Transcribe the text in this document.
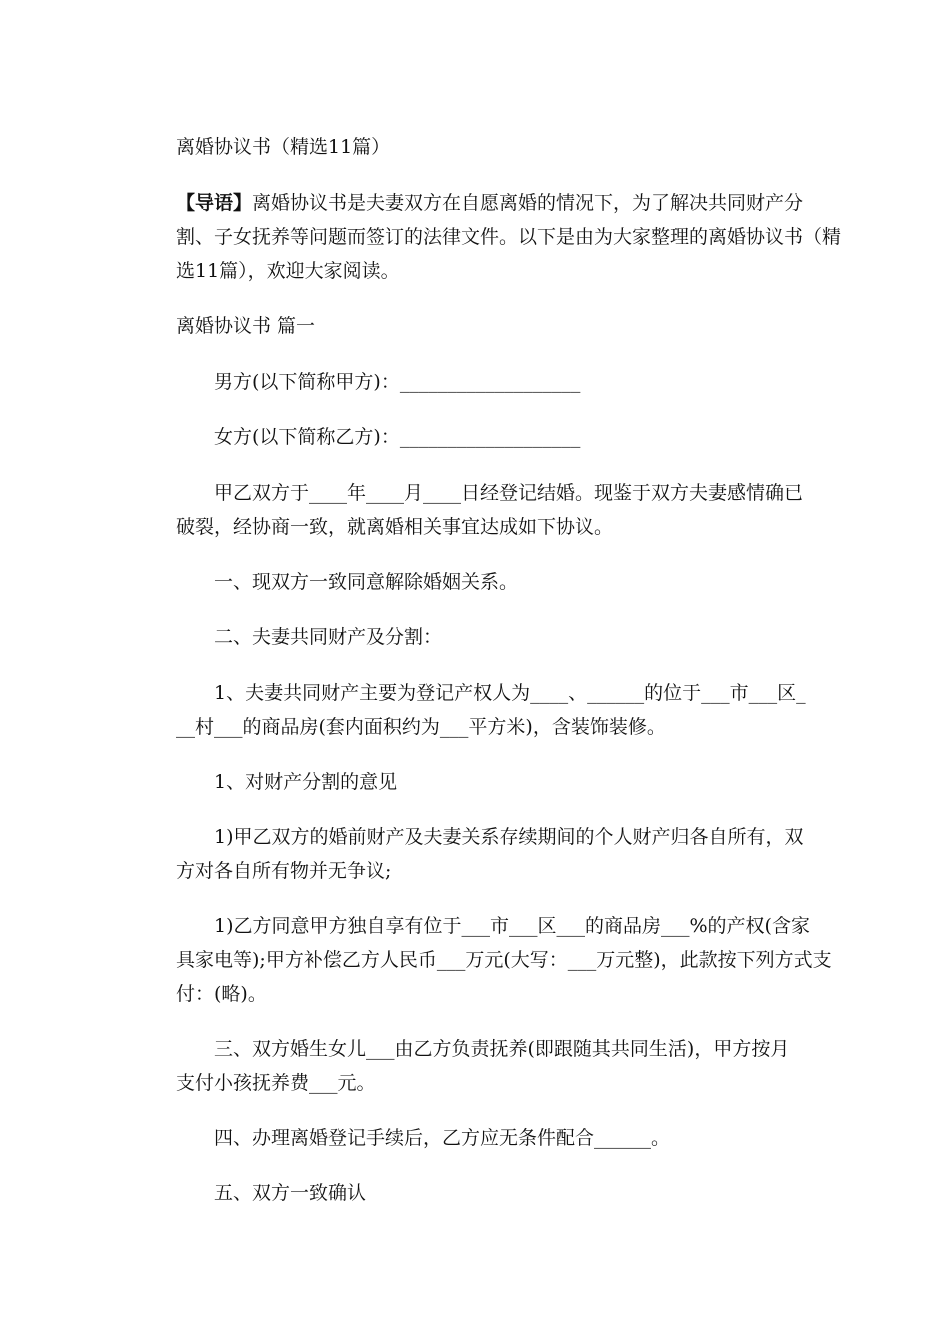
离婚协议书（精选11篇）

【导语】离婚协议书是夫妻双方在自愿离婚的情况下，为了解决共同财产分

割、子女抚养等问题而签订的法律文件。以下是由为大家整理的离婚协议书（精

选11篇），欢迎大家阅读。

离婚协议书 篇一

男方(以下简称甲方)：___________________

女方(以下简称乙方)：___________________

甲乙双方于____年____月____日经登记结婚。现鉴于双方夫妻感情确已

破裂，经协商一致，就离婚相关事宜达成如下协议。

一、现双方一致同意解除婚姻关系。

二、夫妻共同财产及分割：

1、夫妻共同财产主要为登记产权人为____、______的位于___市___区_

__村___的商品房(套内面积约为___平方米)，含装饰装修。

1、对财产分割的意见

1)甲乙双方的婚前财产及夫妻关系存续期间的个人财产归各自所有，双

方对各自所有物并无争议;

1)乙方同意甲方独自享有位于___市___区___的商品房___%的产权(含家

具家电等);甲方补偿乙方人民币___万元(大写：___万元整)，此款按下列方式支

付：(略)。

三、双方婚生女儿___由乙方负责抚养(即跟随其共同生活)，甲方按月

支付小孩抚养费___元。

四、办理离婚登记手续后，乙方应无条件配合______。

五、双方一致确认
